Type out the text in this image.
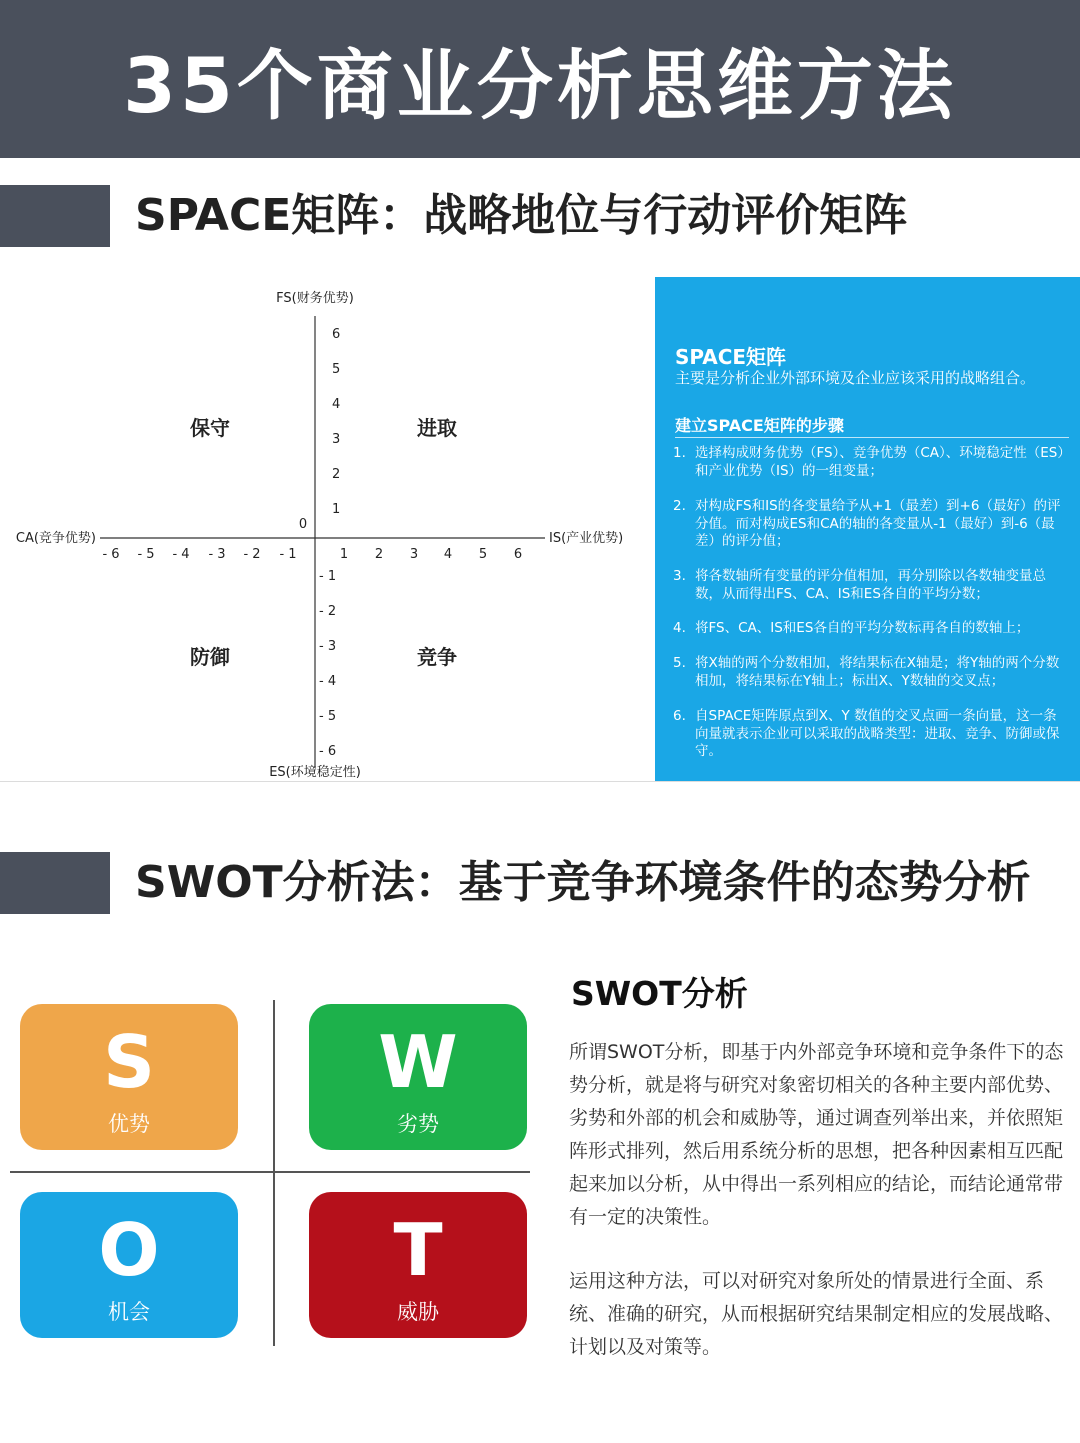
35个商业分析思维方法
SPACE矩阵：战略地位与行动评价矩阵
FS(财务优势)
ES(环境稳定性)
CA(竞争优势)	IS(产业优势)
0
- 6 - 5 - 4 - 3 - 2 - 1	1 2 3 4 5 6
6
5
4
3
2
1
- 1
- 2
- 3
- 4
- 5
- 6
保守	进取
防御	竞争
SPACE矩阵
主要是分析企业外部环境及企业应该采用的战略组合。
建立SPACE矩阵的步骤
1. 选择构成财务优势（FS）、竞争优势（CA）、环境稳定性（ES）和产业优势（IS）的一组变量；
2. 对构成FS和IS的各变量给予从+1（最差）到+6（最好）的评分值。而对构成ES和CA的轴的各变量从-1（最好）到-6（最差）的评分值；
3. 将各数轴所有变量的评分值相加，再分别除以各数轴变量总数，从而得出FS、CA、IS和ES各自的平均分数；
4. 将FS、CA、IS和ES各自的平均分数标再各自的数轴上；
5. 将X轴的两个分数相加，将结果标在X轴是；将Y轴的两个分数相加，将结果标在Y轴上；标出X、Y数轴的交叉点；
6. 自SPACE矩阵原点到X、Y 数值的交叉点画一条向量，这一条向量就表示企业可以采取的战略类型：进取、竞争、防御或保守。
SWOT分析法：基于竞争环境条件的态势分析
S
优势
W
劣势
O
机会
T
威胁
SWOT分析
所谓SWOT分析，即基于内外部竞争环境和竞争条件下的态势分析，就是将与研究对象密切相关的各种主要内部优势、劣势和外部的机会和威胁等，通过调查列举出来，并依照矩阵形式排列，然后用系统分析的思想，把各种因素相互匹配起来加以分析，从中得出一系列相应的结论，而结论通常带有一定的决策性。
运用这种方法，可以对研究对象所处的情景进行全面、系统、准确的研究，从而根据研究结果制定相应的发展战略、计划以及对策等。
